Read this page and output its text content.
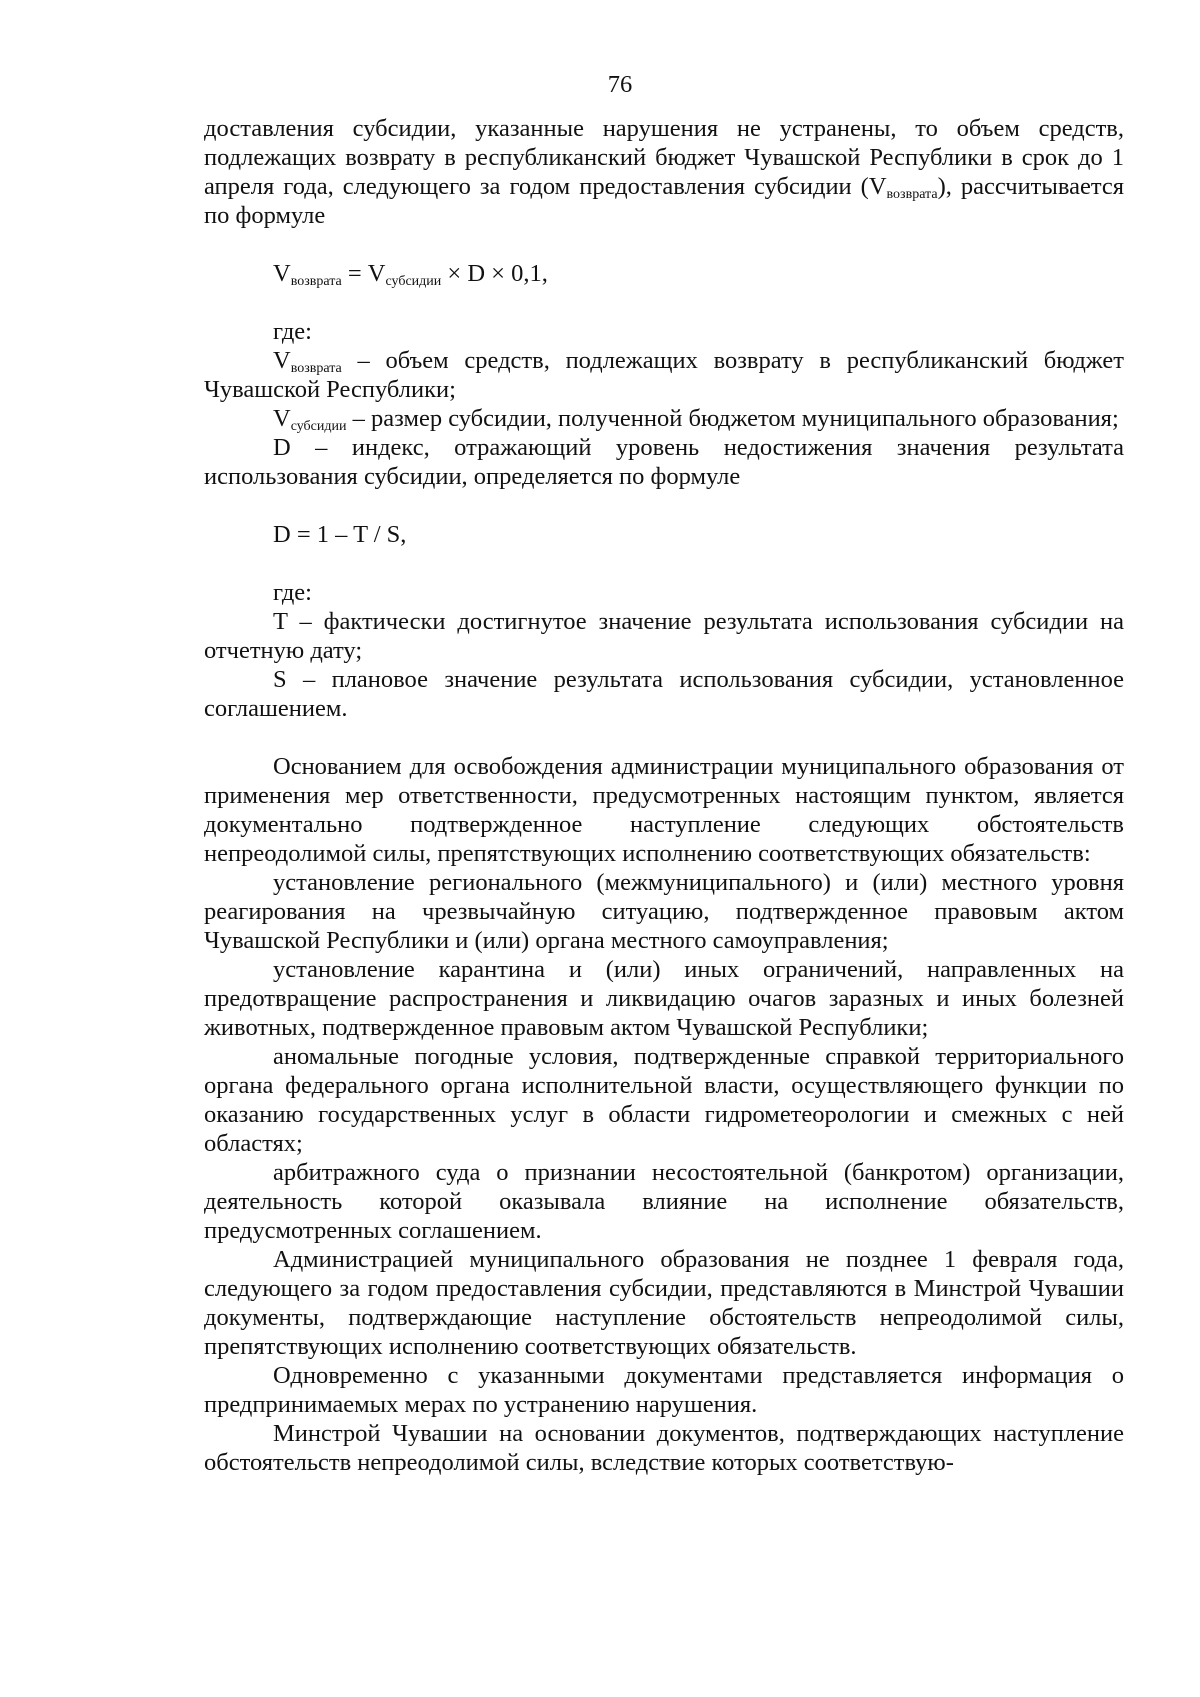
76

доставления субсидии, указанные нарушения не устранены, то объем средств, подлежащих возврату в республиканский бюджет Чувашской Республики в срок до 1 апреля года, следующего за годом предоставления субсидии $(V_{возврата})$, рассчитывается по формуле

$V_{возврата} = V_{субсидии} \times D \times 0,1$,

где:

$V_{возврата}$ – объем средств, подлежащих возврату в республиканский бюджет Чувашской Республики;

$V_{субсидии}$ – размер субсидии, полученной бюджетом муниципального образования;

D – индекс, отражающий уровень недостижения значения результата использования субсидии, определяется по формуле

D = 1 – T / S,

где:

T – фактически достигнутое значение результата использования субсидии на отчетную дату;

S – плановое значение результата использования субсидии, установленное соглашением.

Основанием для освобождения администрации муниципального образования от применения мер ответственности, предусмотренных настоящим пунктом, является документально подтвержденное наступление следующих обстоятельств непреодолимой силы, препятствующих исполнению соответствующих обязательств:

установление регионального (межмуниципального) и (или) местного уровня реагирования на чрезвычайную ситуацию, подтвержденное правовым актом Чувашской Республики и (или) органа местного самоуправления;

установление карантина и (или) иных ограничений, направленных на предотвращение распространения и ликвидацию очагов заразных и иных болезней животных, подтвержденное правовым актом Чувашской Республики;

аномальные погодные условия, подтвержденные справкой территориального органа федерального органа исполнительной власти, осуществляющего функции по оказанию государственных услуг в области гидрометеорологии и смежных с ней областях;

арбитражного суда о признании несостоятельной (банкротом) организации, деятельность которой оказывала влияние на исполнение обязательств, предусмотренных соглашением.

Администрацией муниципального образования не позднее 1 февраля года, следующего за годом предоставления субсидии, представляются в Минстрой Чувашии документы, подтверждающие наступление обстоятельств непреодолимой силы, препятствующих исполнению соответствующих обязательств.

Одновременно с указанными документами представляется информация о предпринимаемых мерах по устранению нарушения.

Минстрой Чувашии на основании документов, подтверждающих наступление обстоятельств непреодолимой силы, вследствие которых соответствую-
